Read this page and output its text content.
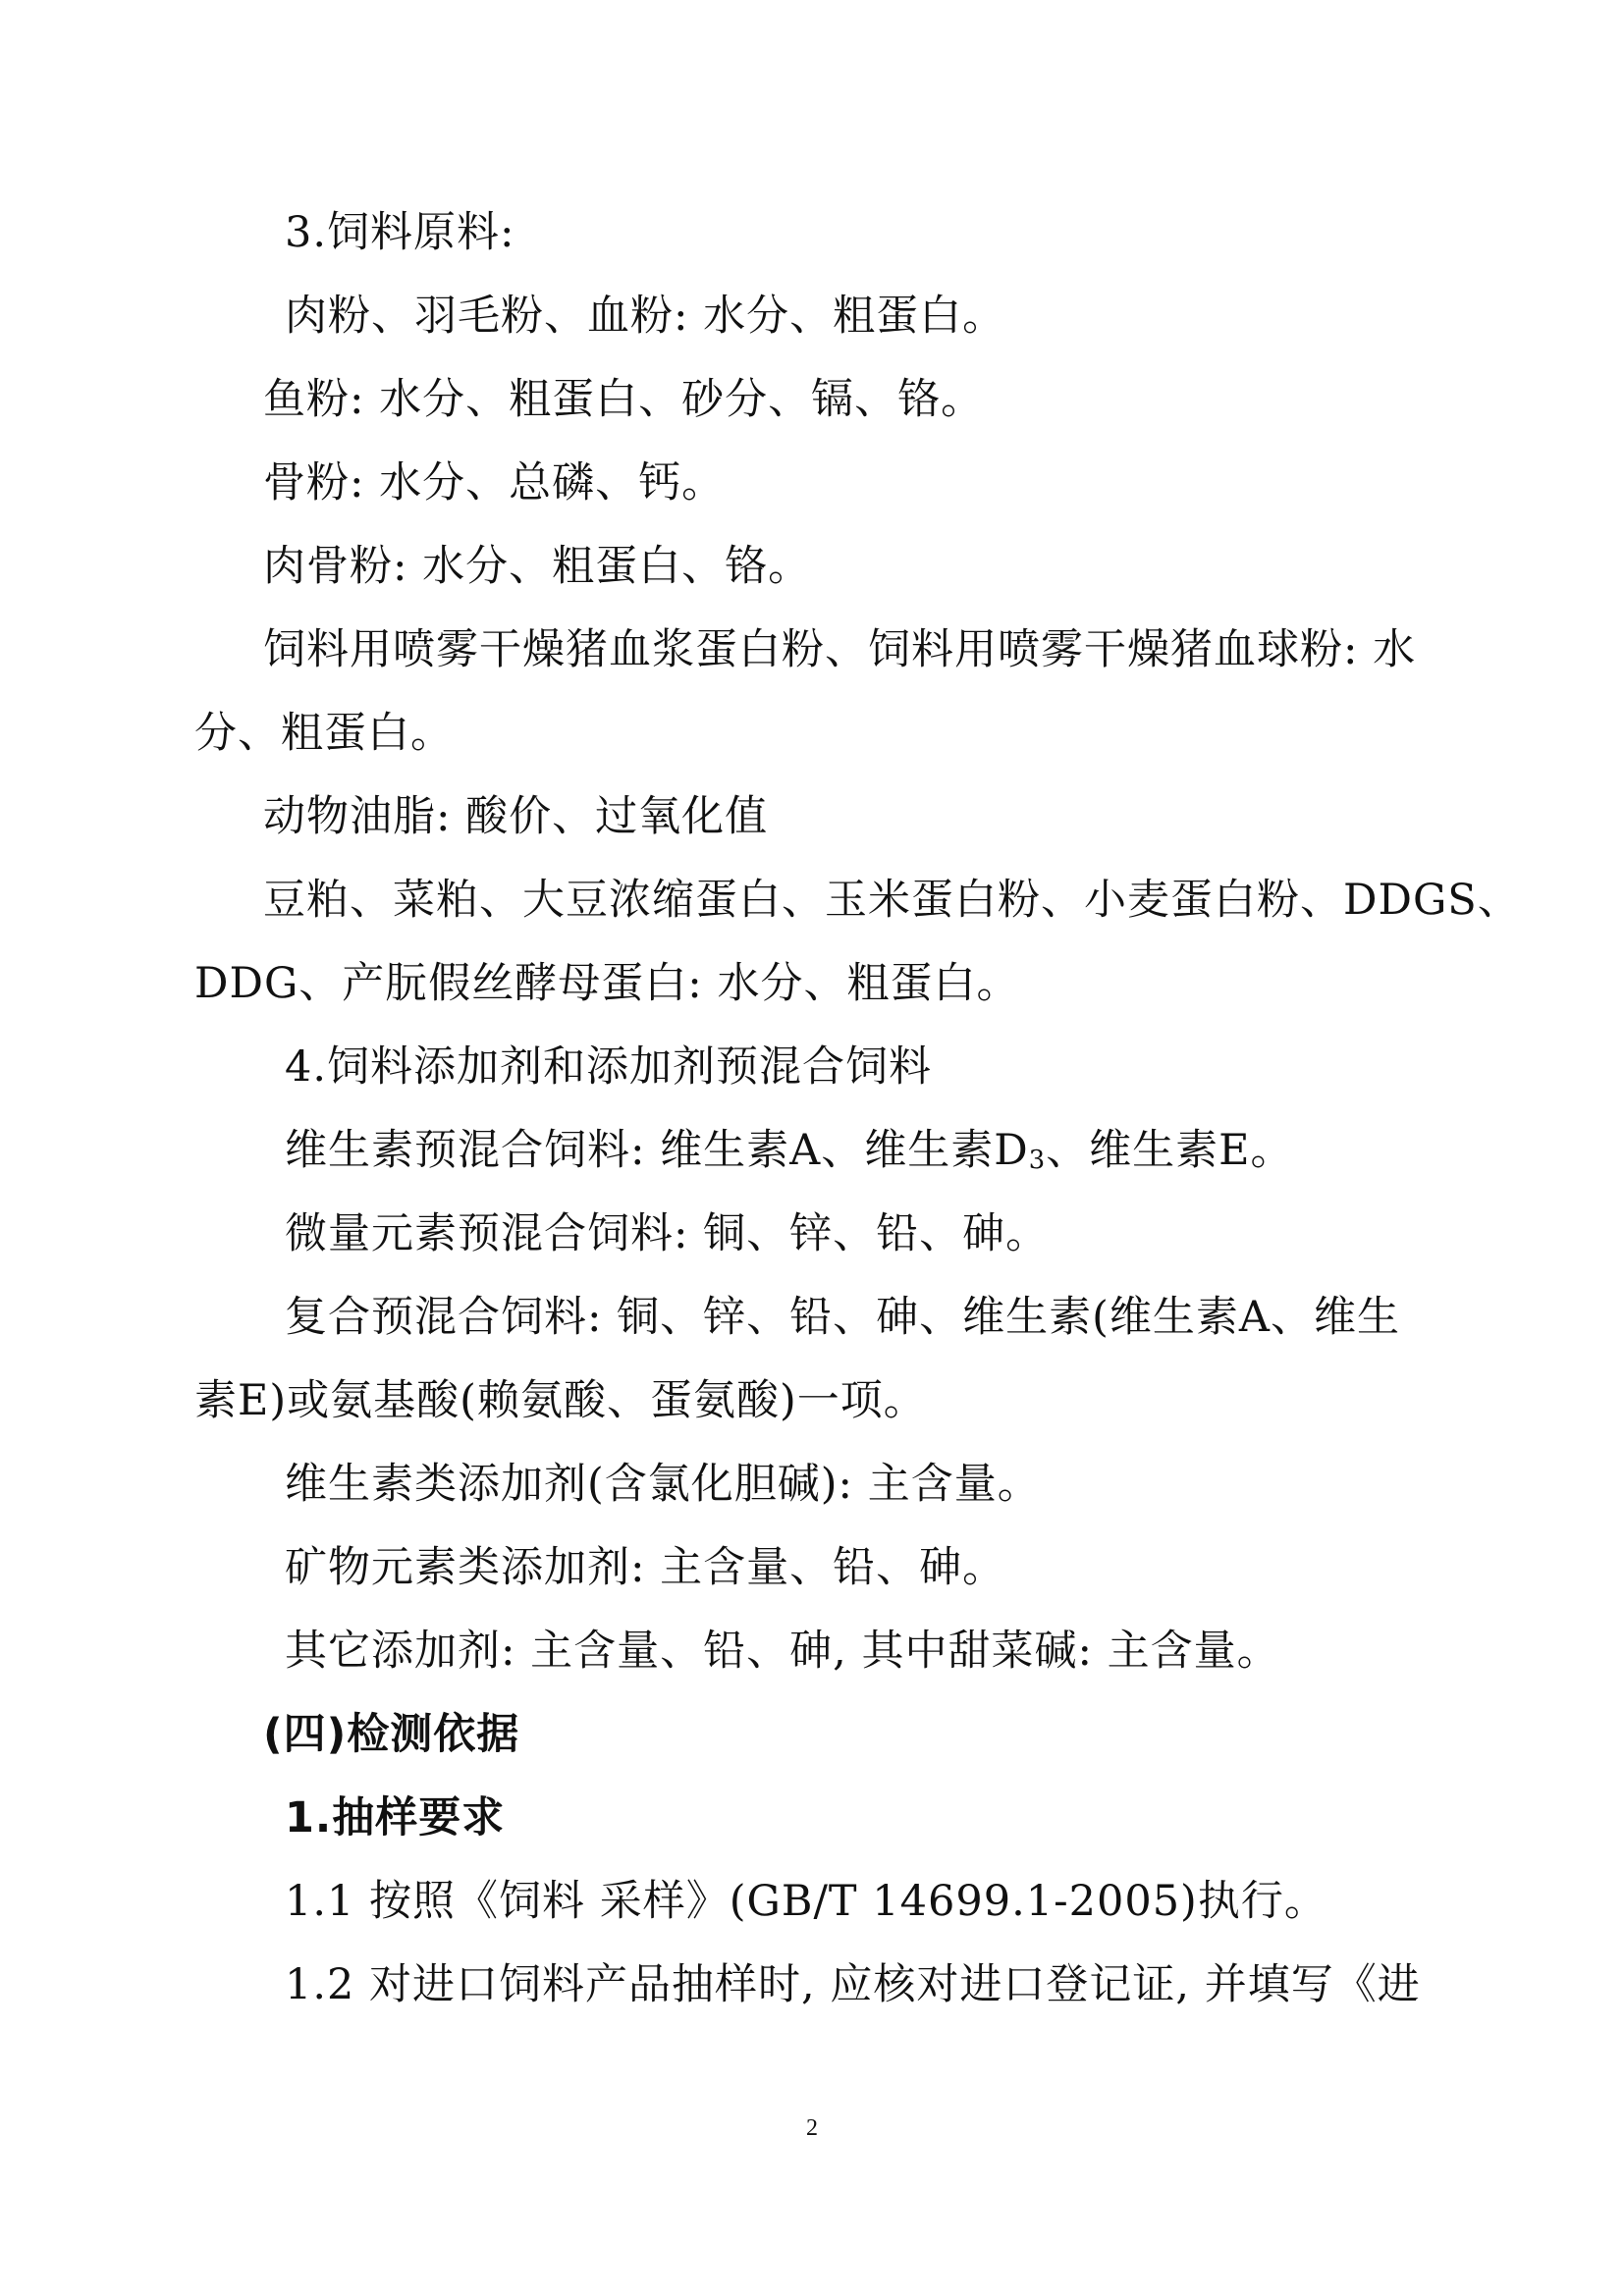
3.饲料原料:
肉粉、羽毛粉、血粉: 水分、粗蛋白。
鱼粉: 水分、粗蛋白、砂分、镉、铬。
骨粉: 水分、总磷、钙。
肉骨粉: 水分、粗蛋白、铬。
饲料用喷雾干燥猪血浆蛋白粉、饲料用喷雾干燥猪血球粉: 水
分、粗蛋白。
动物油脂: 酸价、过氧化值
豆粕、菜粕、大豆浓缩蛋白、玉米蛋白粉、小麦蛋白粉、DDGS、
DDG、产朊假丝酵母蛋白: 水分、粗蛋白。
4.饲料添加剂和添加剂预混合饲料
维生素预混合饲料: 维生素A、维生素$D_3$、维生素E。
微量元素预混合饲料: 铜、锌、铅、砷。
复合预混合饲料: 铜、锌、铅、砷、维生素(维生素A、维生
素E)或氨基酸(赖氨酸、蛋氨酸)一项。
维生素类添加剂(含氯化胆碱): 主含量。
矿物元素类添加剂: 主含量、铅、砷。
其它添加剂: 主含量、铅、砷, 其中甜菜碱: 主含量。
(四)检测依据
1.抽样要求
1.1 按照《饲料 采样》(GB/T 14699.1-2005)执行。
1.2 对进口饲料产品抽样时, 应核对进口登记证, 并填写《进
2
